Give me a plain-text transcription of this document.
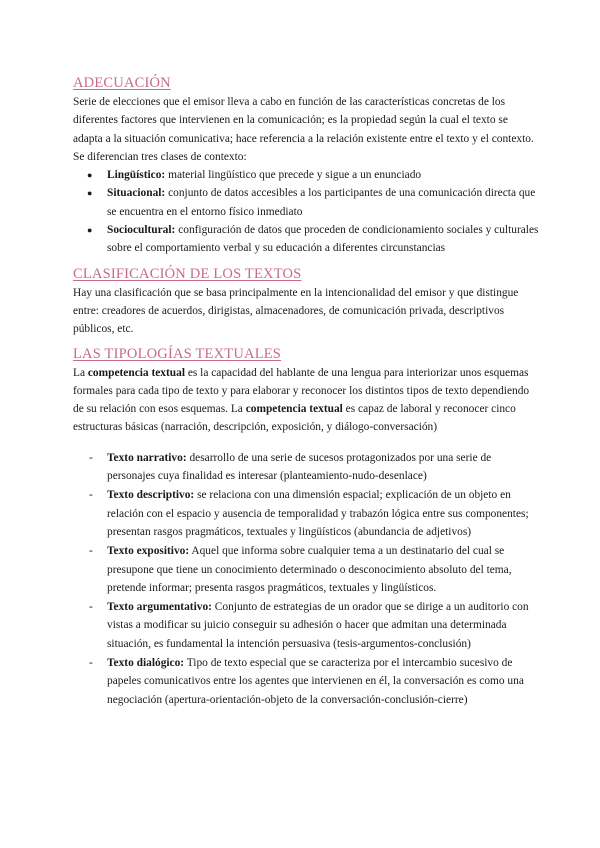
ADECUACIÓN

Serie de elecciones que el emisor lleva a cabo en función de las características concretas de los diferentes factores que intervienen en la comunicación; es la propiedad según la cual el texto se adapta a la situación comunicativa; hace referencia a la relación existente entre el texto y el contexto. Se diferencian tres clases de contexto:

● Lingüístico: material lingüístico que precede y sigue a un enunciado
● Situacional: conjunto de datos accesibles a los participantes de una comunicación directa que se encuentra en el entorno físico inmediato
● Sociocultural: configuración de datos que proceden de condicionamiento sociales y culturales sobre el comportamiento verbal y su educación a diferentes circunstancias
CLASIFICACIÓN DE LOS TEXTOS

Hay una clasificación que se basa principalmente en la intencionalidad del emisor y que distingue entre: creadores de acuerdos, dirigistas, almacenadores, de comunicación privada, descriptivos públicos, etc.

LAS TIPOLOGÍAS TEXTUALES

La competencia textual es la capacidad del hablante de una lengua para interiorizar unos esquemas formales para cada tipo de texto y para elaborar y reconocer los distintos tipos de texto dependiendo de su relación con esos esquemas. La competencia textual es capaz de laboral y reconocer cinco estructuras básicas (narración, descripción, exposición, y diálogo-conversación)

- Texto narrativo: desarrollo de una serie de sucesos protagonizados por una serie de personajes cuya finalidad es interesar (planteamiento-nudo-desenlace)
- Texto descriptivo: se relaciona con una dimensión espacial; explicación de un objeto en relación con el espacio y ausencia de temporalidad y trabazón lógica entre sus componentes; presentan rasgos pragmáticos, textuales y lingüísticos (abundancia de adjetivos)
- Texto expositivo: Aquel que informa sobre cualquier tema a un destinatario del cual se presupone que tiene un conocimiento determinado o desconocimiento absoluto del tema, pretende informar; presenta rasgos pragmáticos, textuales y lingüísticos.
- Texto argumentativo: Conjunto de estrategias de un orador que se dirige a un auditorio con vistas a modificar su juicio conseguir su adhesión o hacer que admitan una determinada situación, es fundamental la intención persuasiva (tesis-argumentos-conclusión)
- Texto dialógico: Tipo de texto especial que se caracteriza por el intercambio sucesivo de papeles comunicativos entre los agentes que intervienen en él, la conversación es como una negociación (apertura-orientación-objeto de la conversación-conclusión-cierre)
